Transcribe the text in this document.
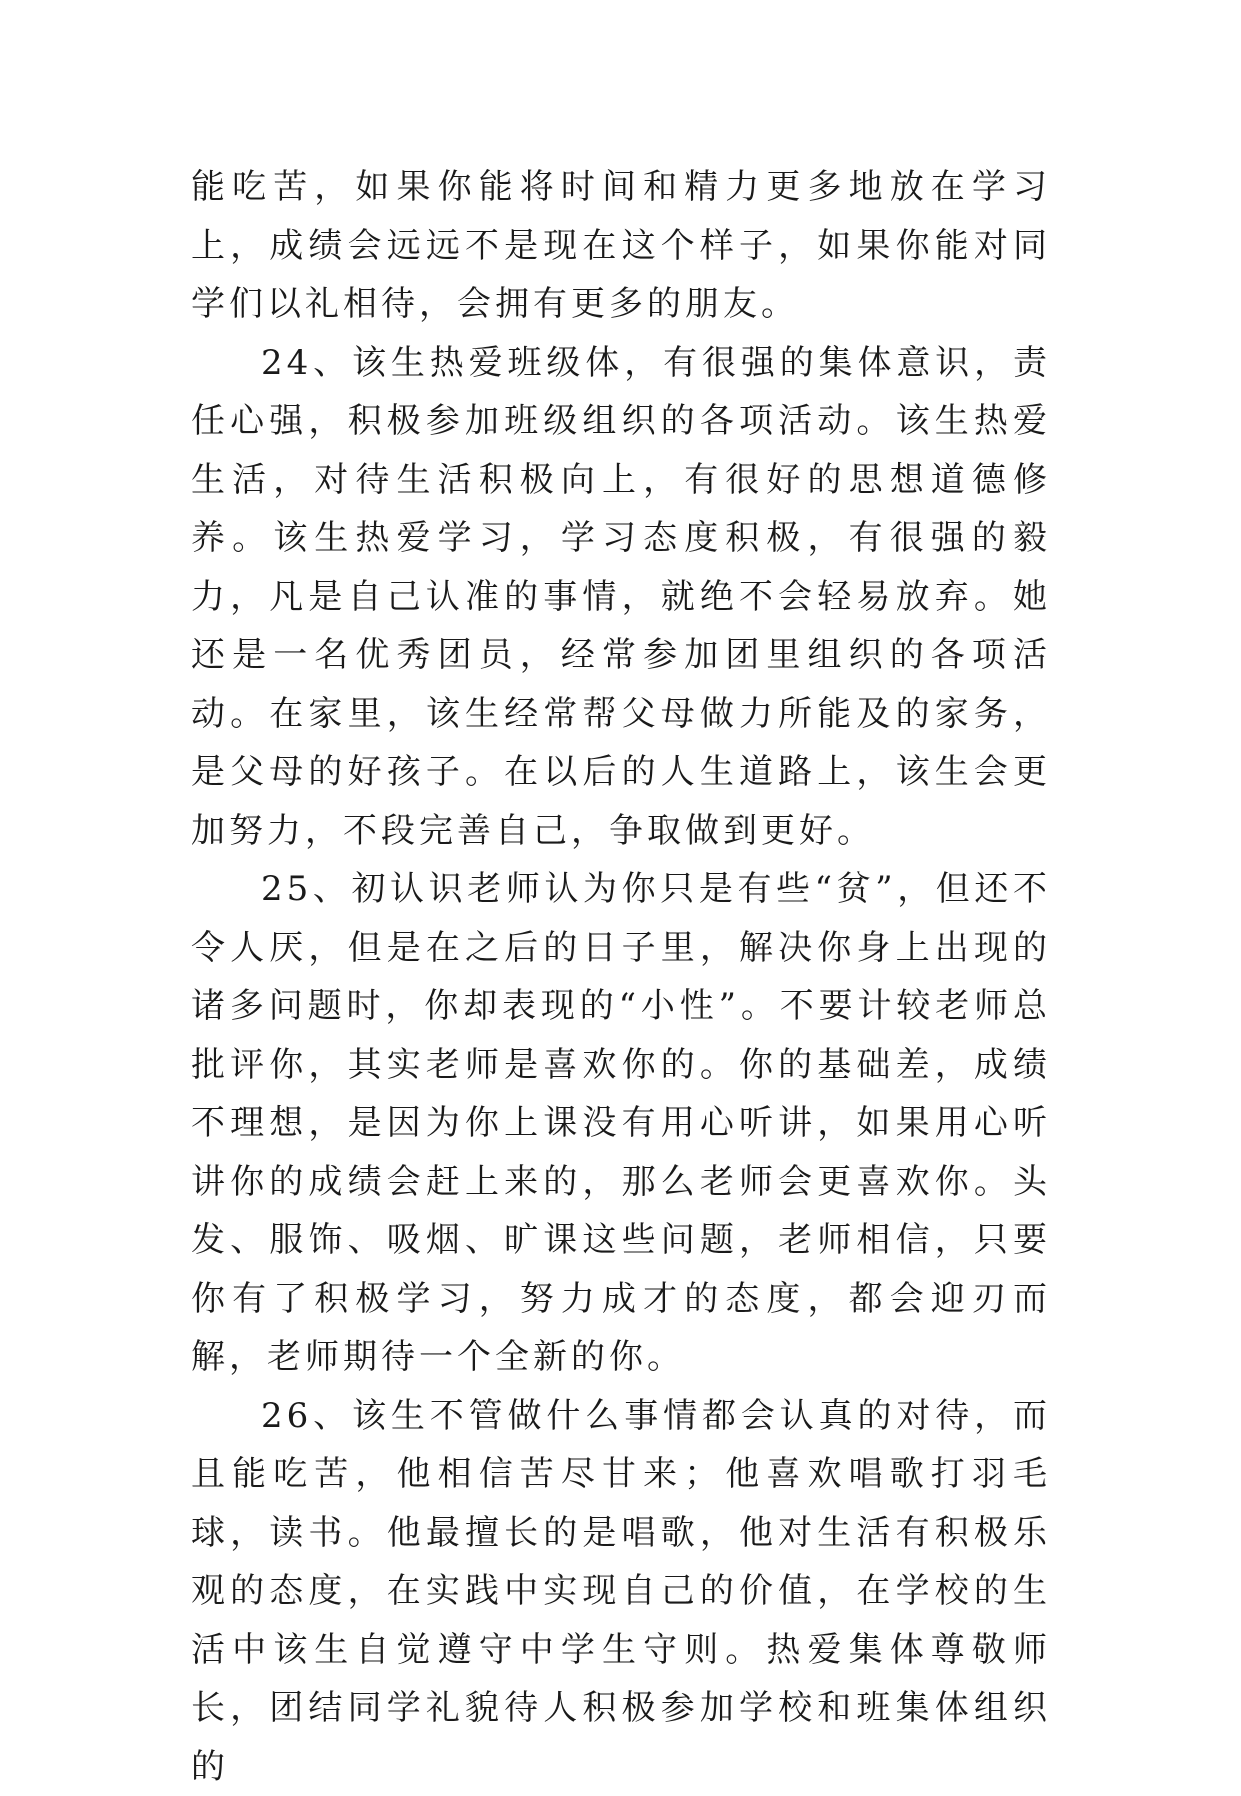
能吃苦，如果你能将时间和精力更多地放在学习上，成绩会远远不是现在这个样子，如果你能对同学们以礼相待，会拥有更多的朋友。

24、该生热爱班级体，有很强的集体意识，责任心强，积极参加班级组织的各项活动。该生热爱生活，对待生活积极向上，有很好的思想道德修养。该生热爱学习，学习态度积极，有很强的毅力，凡是自己认准的事情，就绝不会轻易放弃。她还是一名优秀团员，经常参加团里组织的各项活动。在家里，该生经常帮父母做力所能及的家务，是父母的好孩子。在以后的人生道路上，该生会更加努力，不段完善自己，争取做到更好。

25、初认识老师认为你只是有些“贫”，但还不令人厌，但是在之后的日子里，解决你身上出现的诸多问题时，你却表现的“小性”。不要计较老师总批评你，其实老师是喜欢你的。你的基础差，成绩不理想，是因为你上课没有用心听讲，如果用心听讲你的成绩会赶上来的，那么老师会更喜欢你。头发、服饰、吸烟、旷课这些问题，老师相信，只要你有了积极学习，努力成才的态度，都会迎刃而解，老师期待一个全新的你。

26、该生不管做什么事情都会认真的对待，而且能吃苦，他相信苦尽甘来；他喜欢唱歌打羽毛球，读书。他最擅长的是唱歌，他对生活有积极乐观的态度，在实践中实现自己的价值，在学校的生活中该生自觉遵守中学生守则。热爱集体尊敬师长，团结同学礼貌待人积极参加学校和班集体组织的
